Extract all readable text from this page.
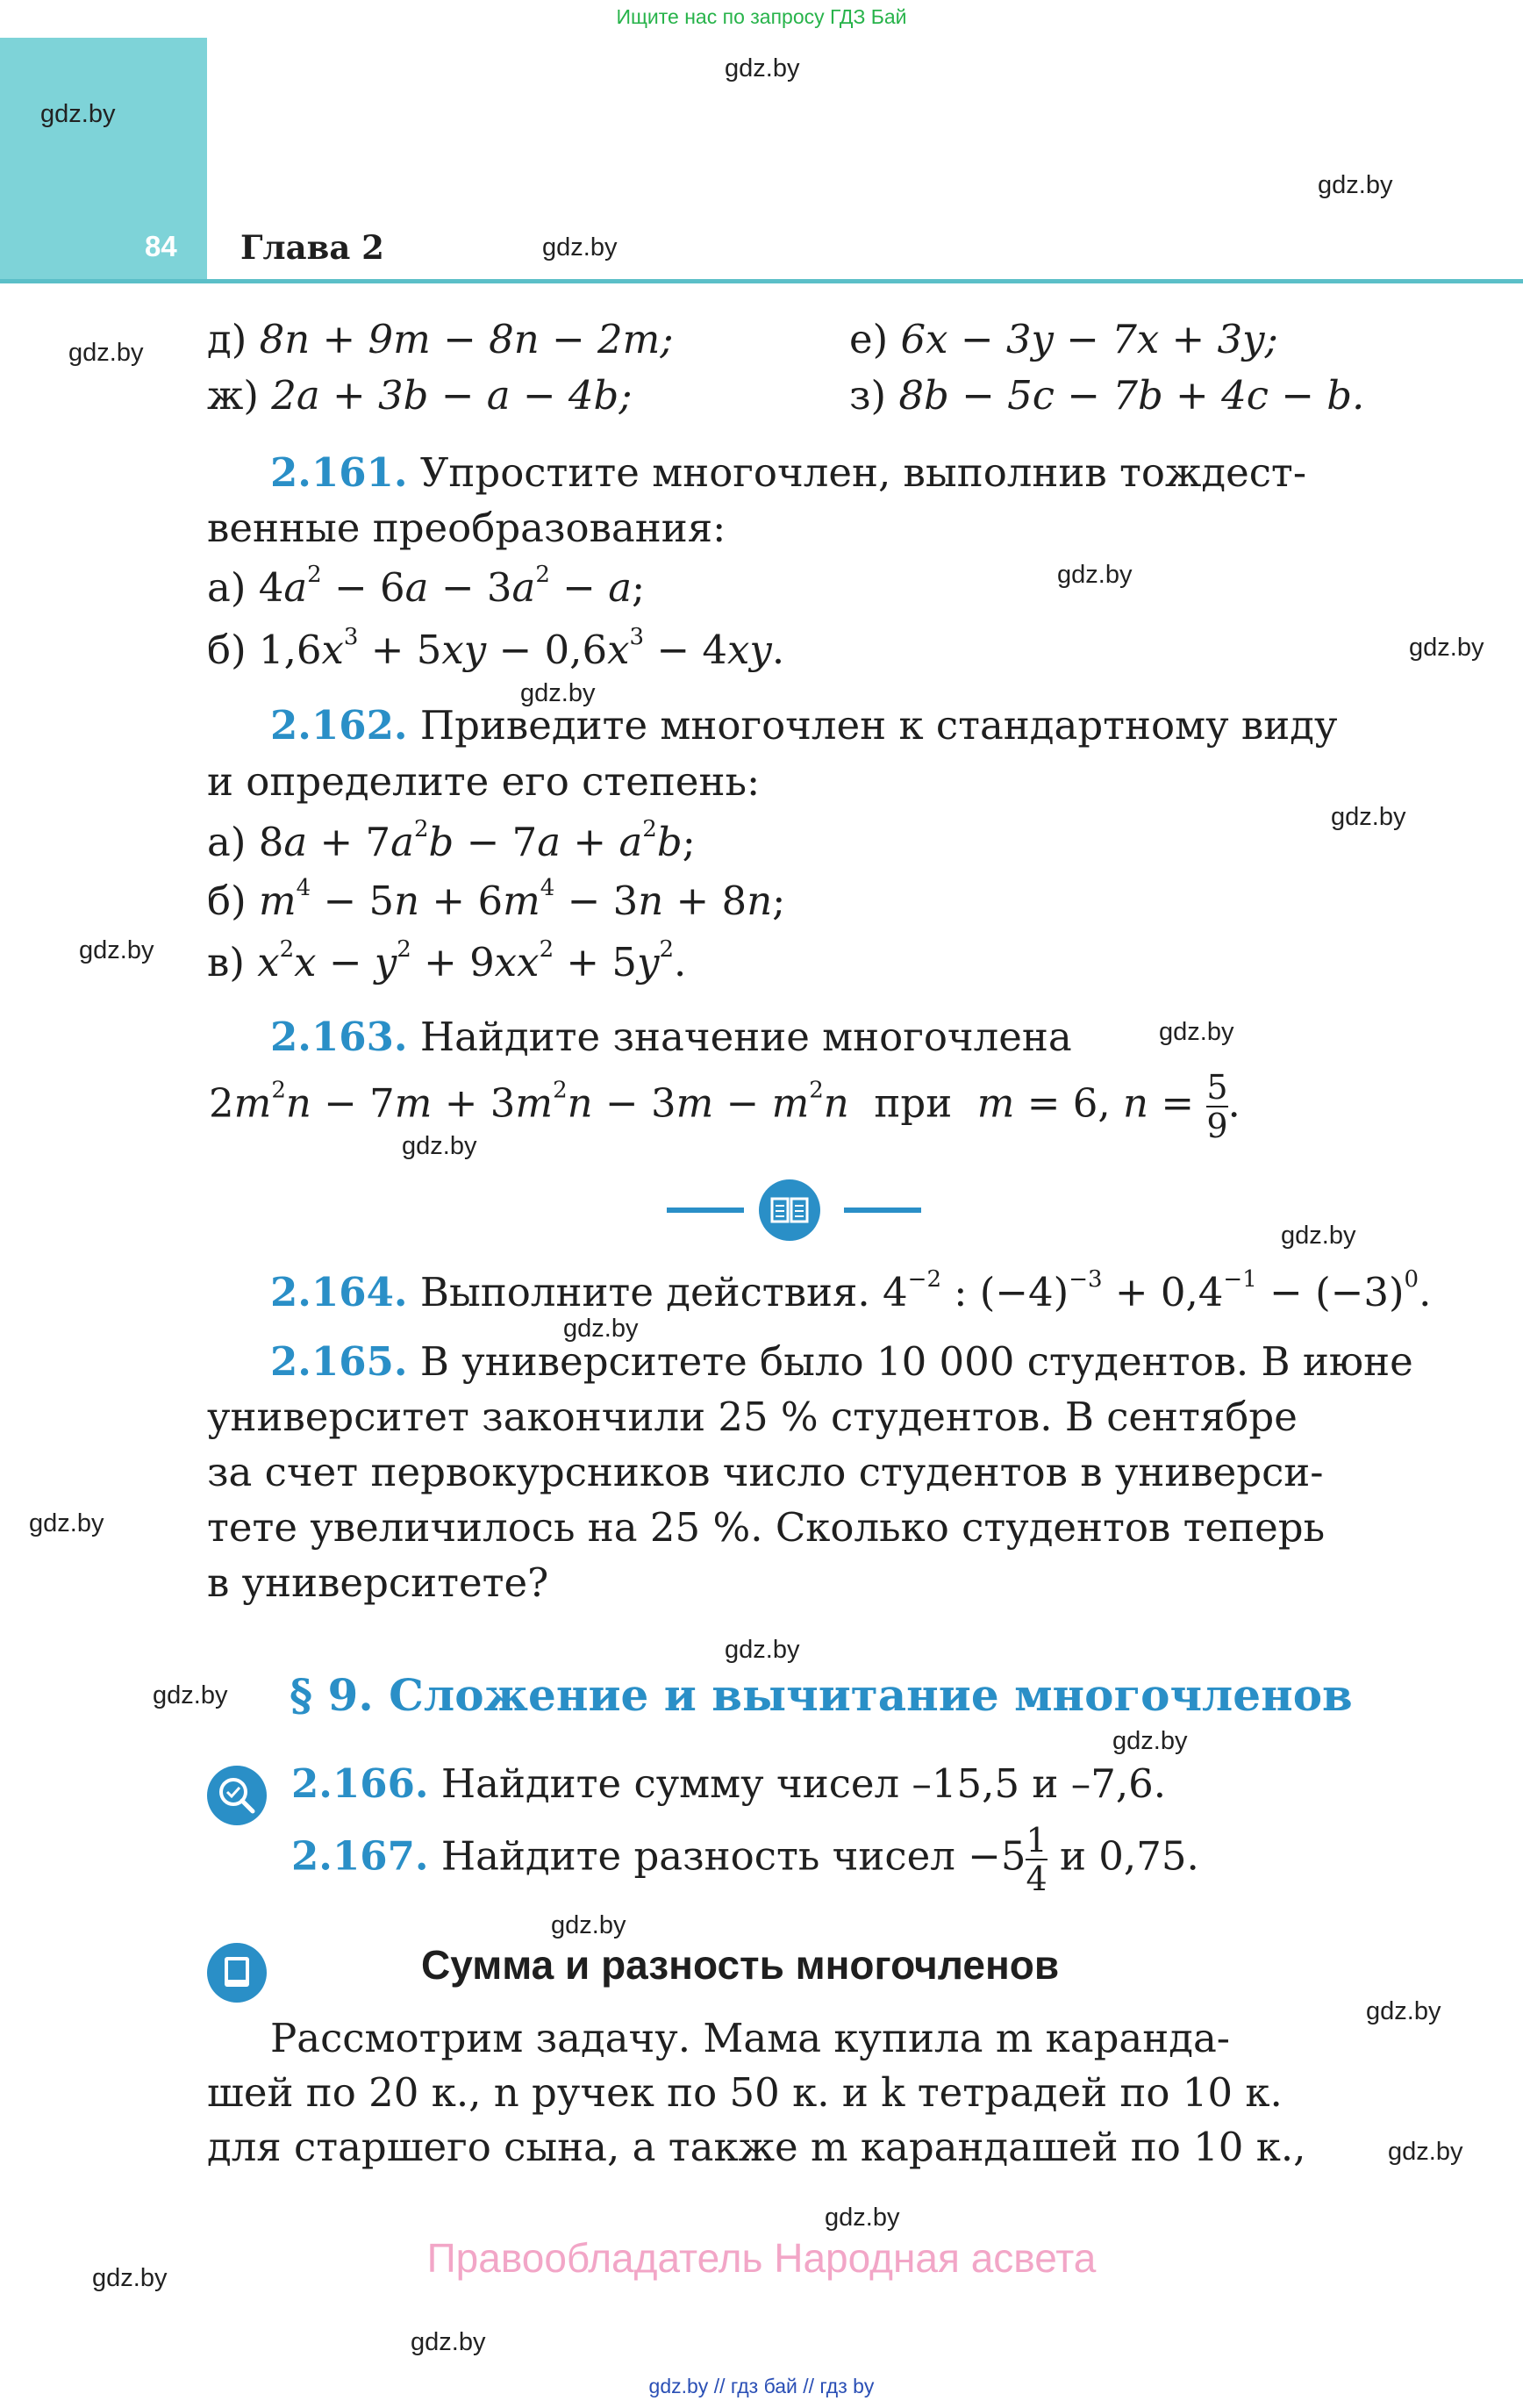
Ищите нас по запросу ГДЗ Бай
84 Глава 2
gdz.by
gdz.by
gdz.by
gdz.by
gdz.by
gdz.by
gdz.by
gdz.by
gdz.by
gdz.by
gdz.by
gdz.by
gdz.by
gdz.by
gdz.by
gdz.by
gdz.by
gdz.by
gdz.by
gdz.by
gdz.by
gdz.by
gdz.by
gdz.by
д) 8n + 9m − 8n − 2m;	е) 6x − 3y − 7x + 3y;
ж) 2a + 3b − a − 4b;	з) 8b − 5c − 7b + 4c − b.
2.161. Упростите многочлен, выполнив тождест-
венные преобразования:
а) $4a^2 - 6a - 3a^2 - a$;
б) $1,6x^3 + 5xy - 0,6x^3 - 4xy$.
2.162. Приведите многочлен к стандартному виду
и определите его степень:
а) $8a + 7a^2b - 7a + a^2b$;
б) $m^4 - 5n + 6m^4 - 3n + 8n$;
в) $x^2x - y^2 + 9xx^2 + 5y^2$.
2.163. Найдите значение многочлена
$2m^2n - 7m + 3m^2n - 3m - m^2n$ при m = 6, $n = \frac{5}{9}$ .
2.164. Выполните действия. $4^{-2}$ : $(-4)^{-3} + 0,4^{-1} - (-3)^0$.
2.165. В университете было 10 000 студентов. В июне
университет закончили 25 % студентов. В сентябре
за счет первокурсников число студентов в универси-
тете увеличилось на 25 %. Сколько студентов теперь
в университете?
§ 9. Сложение и вычитание многочленов
2.166. Найдите сумму чисел –15,5 и –7,6.
2.167. Найдите разность чисел $-5 \frac{1}{4}$ и 0,75.
Сумма и разность многочленов
Рассмотрим задачу. Мама купила m каранда-
шей по 20 к., n ручек по 50 к. и k тетрадей по 10 к.
для старшего сына, а также m карандашей по 10 к.,
Правообладатель Народная асвета
gdz.by // гдз бай // гдз by
